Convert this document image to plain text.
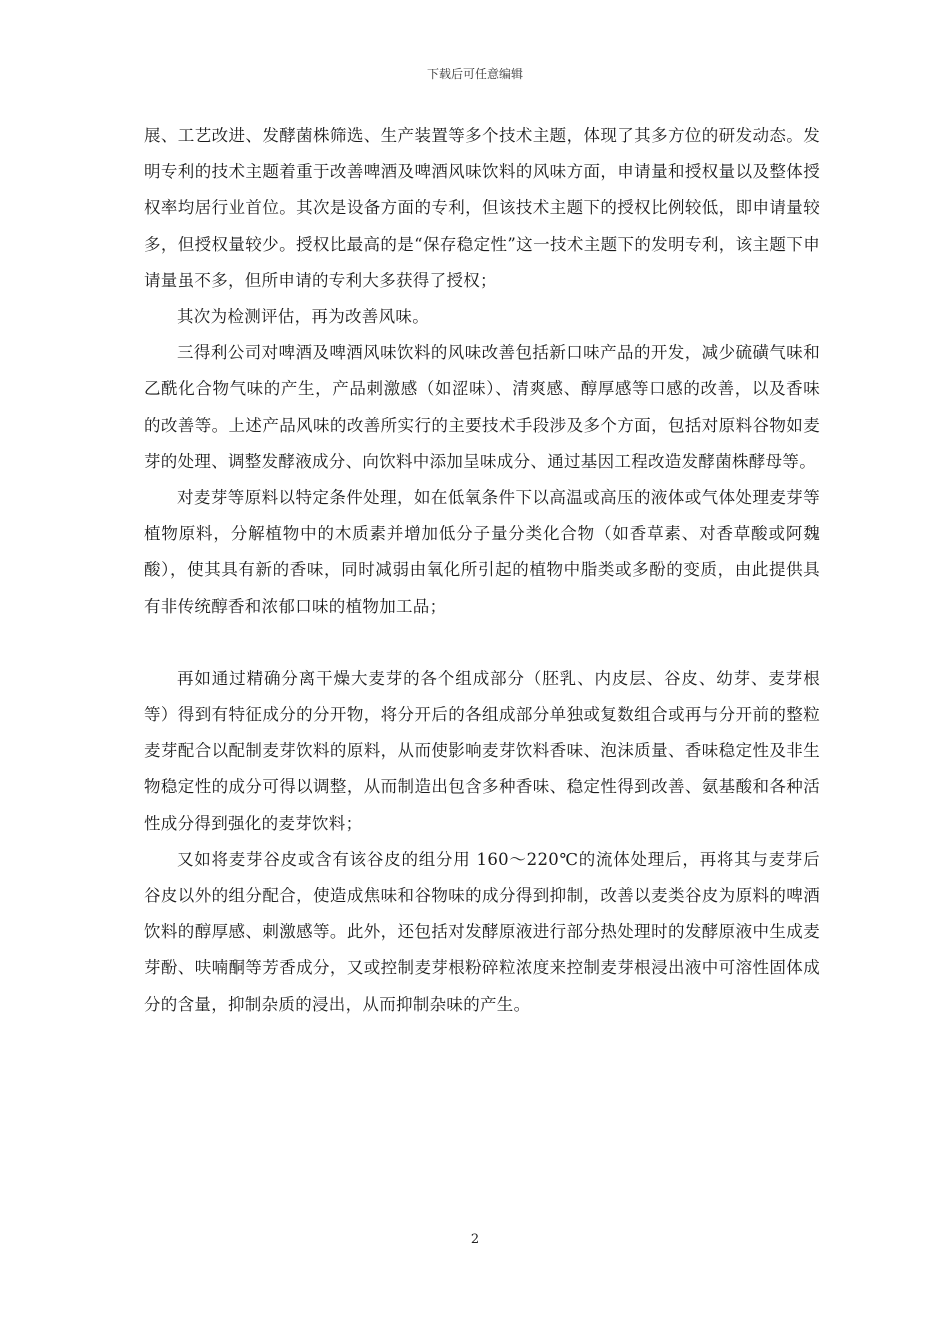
下载后可任意编辑

展、工艺改进、发酵菌株筛选、生产装置等多个技术主题，体现了其多方位的研发动态。发明专利的技术主题着重于改善啤酒及啤酒风味饮料的风味方面，申请量和授权量以及整体授权率均居行业首位。其次是设备方面的专利，但该技术主题下的授权比例较低，即申请量较多，但授权量较少。授权比最高的是“保存稳定性”这一技术主题下的发明专利，该主题下申请量虽不多，但所申请的专利大多获得了授权；

其次为检测评估，再为改善风味。

三得利公司对啤酒及啤酒风味饮料的风味改善包括新口味产品的开发，减少硫磺气味和乙酰化合物气味的产生，产品刺激感（如涩味）、清爽感、醇厚感等口感的改善，以及香味的改善等。上述产品风味的改善所实行的主要技术手段涉及多个方面，包括对原料谷物如麦芽的处理、调整发酵液成分、向饮料中添加呈味成分、通过基因工程改造发酵菌株酵母等。

对麦芽等原料以特定条件处理，如在低氧条件下以高温或高压的液体或气体处理麦芽等植物原料，分解植物中的木质素并增加低分子量分类化合物（如香草素、对香草酸或阿魏酸），使其具有新的香味，同时减弱由氧化所引起的植物中脂类或多酚的变质，由此提供具有非传统醇香和浓郁口味的植物加工品；

再如通过精确分离干燥大麦芽的各个组成部分（胚乳、内皮层、谷皮、幼芽、麦芽根等）得到有特征成分的分开物，将分开后的各组成部分单独或复数组合或再与分开前的整粒麦芽配合以配制麦芽饮料的原料，从而使影响麦芽饮料香味、泡沫质量、香味稳定性及非生物稳定性的成分可得以调整，从而制造出包含多种香味、稳定性得到改善、氨基酸和各种活性成分得到强化的麦芽饮料；

又如将麦芽谷皮或含有该谷皮的组分用 160～220℃的流体处理后，再将其与麦芽后谷皮以外的组分配合，使造成焦味和谷物味的成分得到抑制，改善以麦类谷皮为原料的啤酒饮料的醇厚感、刺激感等。此外，还包括对发酵原液进行部分热处理时的发酵原液中生成麦芽酚、呋喃酮等芳香成分，又或控制麦芽根粉碎粒浓度来控制麦芽根浸出液中可溶性固体成分的含量，抑制杂质的浸出，从而抑制杂味的产生。

2
